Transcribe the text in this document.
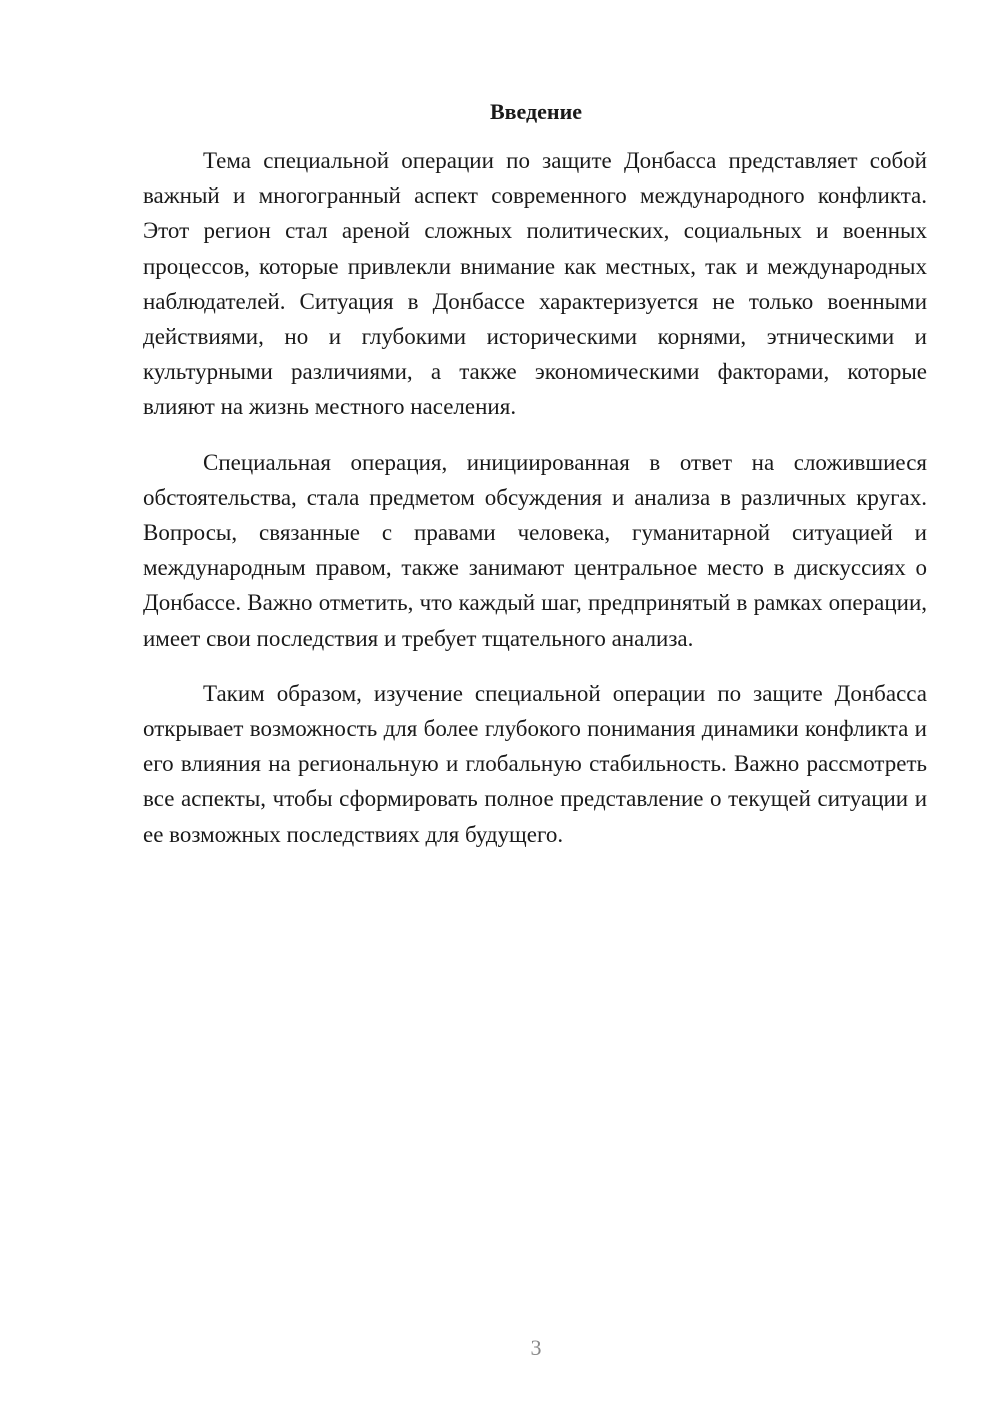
Введение

Тема специальной операции по защите Донбасса представляет собой важный и многогранный аспект современного международного конфликта. Этот регион стал ареной сложных политических, социальных и военных процессов, которые привлекли внимание как местных, так и международных наблюдателей. Ситуация в Донбассе характеризуется не только военными действиями, но и глубокими историческими корнями, этническими и культурными различиями, а также экономическими факторами, которые влияют на жизнь местного населения.

Специальная операция, инициированная в ответ на сложившиеся обстоятельства, стала предметом обсуждения и анализа в различных кругах. Вопросы, связанные с правами человека, гуманитарной ситуацией и международным правом, также занимают центральное место в дискуссиях о Донбассе. Важно отметить, что каждый шаг, предпринятый в рамках операции, имеет свои последствия и требует тщательного анализа.

Таким образом, изучение специальной операции по защите Донбасса открывает возможность для более глубокого понимания динамики конфликта и его влияния на региональную и глобальную стабильность. Важно рассмотреть все аспекты, чтобы сформировать полное представление о текущей ситуации и ее возможных последствиях для будущего.

3
